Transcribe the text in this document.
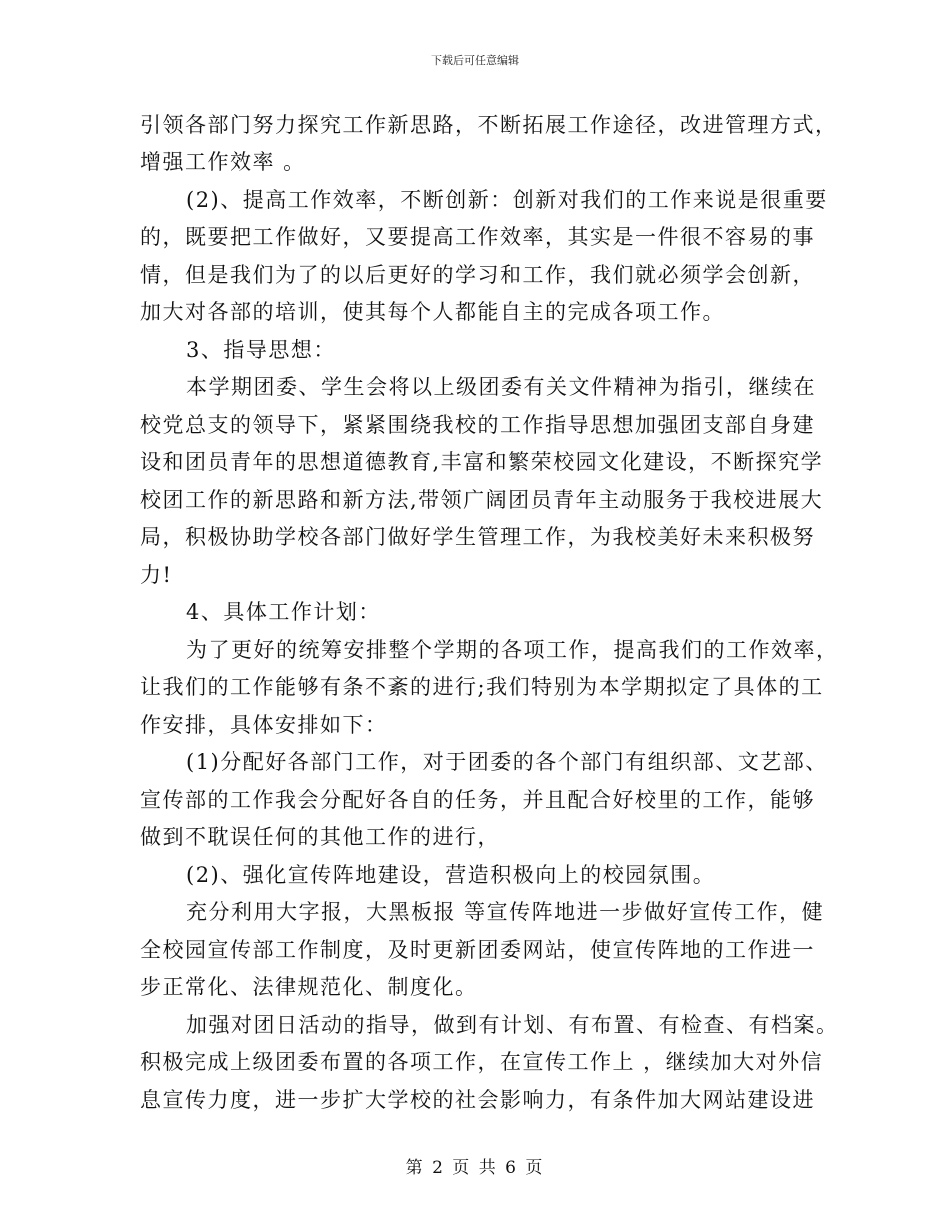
下载后可任意编辑
引领各部门努力探究工作新思路，不断拓展工作途径，改进管理方式，
增强工作效率 。
(2)、提高工作效率，不断创新：创新对我们的工作来说是很重要
的，既要把工作做好，又要提高工作效率，其实是一件很不容易的事
情，但是我们为了的以后更好的学习和工作，我们就必须学会创新，
加大对各部的培训，使其每个人都能自主的完成各项工作。
3、指导思想：
本学期团委、学生会将以上级团委有关文件精神为指引，继续在
校党总支的领导下，紧紧围绕我校的工作指导思想加强团支部自身建
设和团员青年的思想道德教育,丰富和繁荣校园文化建设，不断探究学
校团工作的新思路和新方法,带领广阔团员青年主动服务于我校进展大
局，积极协助学校各部门做好学生管理工作，为我校美好未来积极努
力!
4、具体工作计划：
为了更好的统筹安排整个学期的各项工作，提高我们的工作效率，
让我们的工作能够有条不紊的进行;我们特别为本学期拟定了具体的工
作安排，具体安排如下：
(1)分配好各部门工作，对于团委的各个部门有组织部、文艺部、
宣传部的工作我会分配好各自的任务，并且配合好校里的工作，能够
做到不耽误任何的其他工作的进行，
(2)、强化宣传阵地建设，营造积极向上的校园氛围。
充分利用大字报，大黑板报 等宣传阵地进一步做好宣传工作，健
全校园宣传部工作制度，及时更新团委网站，使宣传阵地的工作进一
步正常化、法律规范化、制度化。
加强对团日活动的指导，做到有计划、有布置、有检查、有档案。
积极完成上级团委布置的各项工作，在宣传工作上 ，继续加大对外信
息宣传力度，进一步扩大学校的社会影响力，有条件加大网站建设进
第 2 页 共 6 页
